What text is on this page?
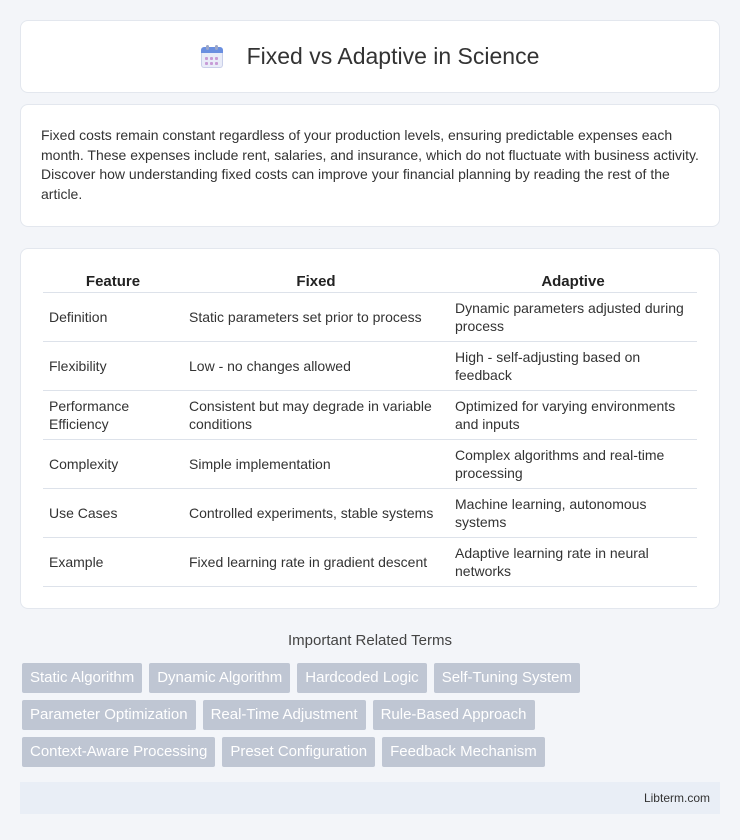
Fixed vs Adaptive in Science

Fixed costs remain constant regardless of your production levels, ensuring predictable expenses each month. These expenses include rent, salaries, and insurance, which do not fluctuate with business activity. Discover how understanding fixed costs can improve your financial planning by reading the rest of the article.

Feature		Fixed		Adaptive
Definition		Static parameters set prior to process		Dynamic parameters adjusted during process
Flexibility		Low - no changes allowed		High - self-adjusting based on feedback
Performance Efficiency		Consistent but may degrade in variable conditions		Optimized for varying environments and inputs
Complexity		Simple implementation		Complex algorithms and real-time processing
Use Cases		Controlled experiments, stable systems		Machine learning, autonomous systems
Example		Fixed learning rate in gradient descent		Adaptive learning rate in neural networks
Important Related Terms
Static Algorithm	Dynamic Algorithm	Hardcoded Logic	Self-Tuning System
Parameter Optimization	Real-Time Adjustment	Rule-Based Approach
Context-Aware Processing	Preset Configuration	Feedback Mechanism
Libterm.com
